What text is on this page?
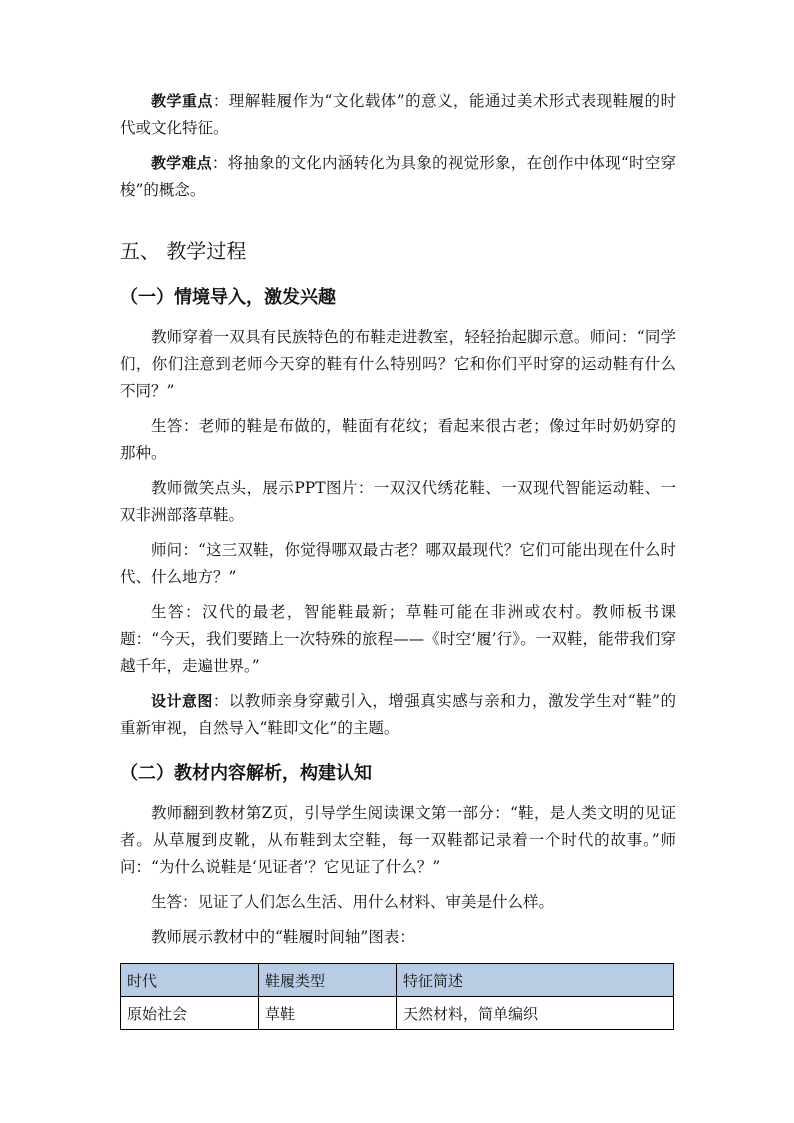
教学重点：理解鞋履作为“文化载体”的意义，能通过美术形式表现鞋履的时代或文化特征。

教学难点：将抽象的文化内涵转化为具象的视觉形象，在创作中体现“时空穿梭”的概念。

五、 教学过程
（一）情境导入，激发兴趣

教师穿着一双具有民族特色的布鞋走进教室，轻轻抬起脚示意。师问：“同学们，你们注意到老师今天穿的鞋有什么特别吗？它和你们平时穿的运动鞋有什么不同？”

生答：老师的鞋是布做的，鞋面有花纹；看起来很古老；像过年时奶奶穿的那种。

教师微笑点头，展示PPT图片：一双汉代绣花鞋、一双现代智能运动鞋、一双非洲部落草鞋。

师问：“这三双鞋，你觉得哪双最古老？哪双最现代？它们可能出现在什么时代、什么地方？”

生答：汉代的最老，智能鞋最新；草鞋可能在非洲或农村。教师板书课题：“今天，我们要踏上一次特殊的旅程——《时空‘履’行》。一双鞋，能带我们穿越千年，走遍世界。”

设计意图：以教师亲身穿戴引入，增强真实感与亲和力，激发学生对“鞋”的重新审视，自然导入“鞋即文化”的主题。

（二）教材内容解析，构建认知

教师翻到教材第Z页，引导学生阅读课文第一部分：“鞋，是人类文明的见证者。从草履到皮靴，从布鞋到太空鞋，每一双鞋都记录着一个时代的故事。”师问：“为什么说鞋是‘见证者’？它见证了什么？”

生答：见证了人们怎么生活、用什么材料、审美是什么样。

教师展示教材中的“鞋履时间轴”图表：

时代	鞋履类型	特征简述
原始社会	草鞋	天然材料，简单编织
